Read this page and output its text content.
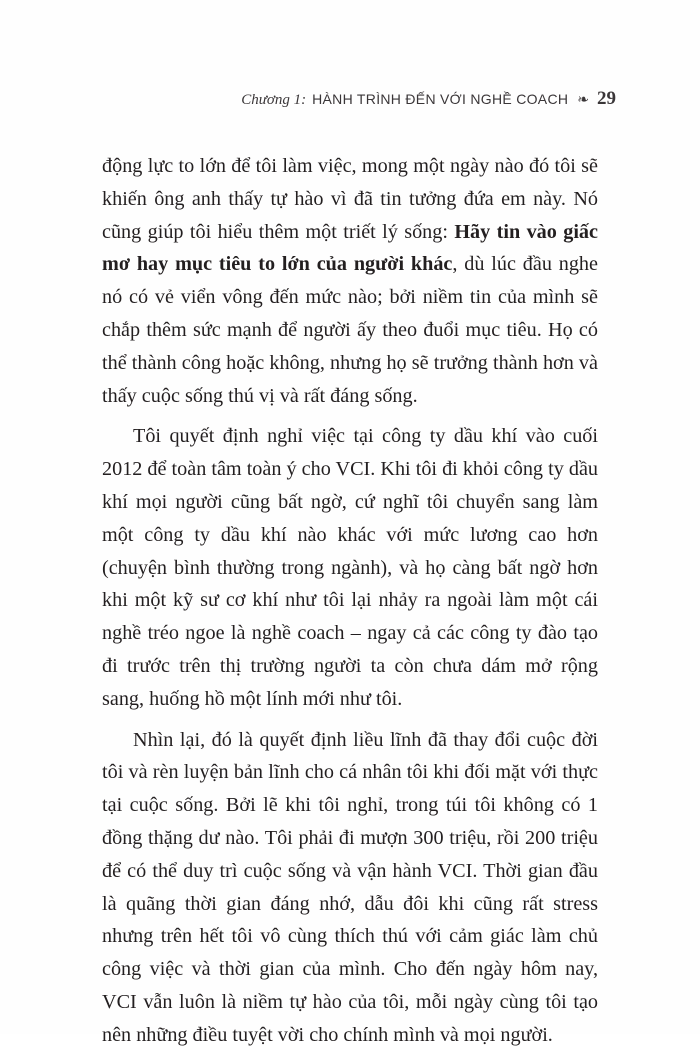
Chương 1: HÀNH TRÌNH ĐẾN VỚI NGHỀ COACH ❧ 29

động lực to lớn để tôi làm việc, mong một ngày nào đó tôi sẽ khiến ông anh thấy tự hào vì đã tin tưởng đứa em này. Nó cũng giúp tôi hiểu thêm một triết lý sống: Hãy tin vào giấc mơ hay mục tiêu to lớn của người khác, dù lúc đầu nghe nó có vẻ viển vông đến mức nào; bởi niềm tin của mình sẽ chắp thêm sức mạnh để người ấy theo đuổi mục tiêu. Họ có thể thành công hoặc không, nhưng họ sẽ trưởng thành hơn và thấy cuộc sống thú vị và rất đáng sống.

Tôi quyết định nghỉ việc tại công ty dầu khí vào cuối 2012 để toàn tâm toàn ý cho VCI. Khi tôi đi khỏi công ty dầu khí mọi người cũng bất ngờ, cứ nghĩ tôi chuyển sang làm một công ty dầu khí nào khác với mức lương cao hơn (chuyện bình thường trong ngành), và họ càng bất ngờ hơn khi một kỹ sư cơ khí như tôi lại nhảy ra ngoài làm một cái nghề tréo ngoe là nghề coach – ngay cả các công ty đào tạo đi trước trên thị trường người ta còn chưa dám mở rộng sang, huống hồ một lính mới như tôi.

Nhìn lại, đó là quyết định liều lĩnh đã thay đổi cuộc đời tôi và rèn luyện bản lĩnh cho cá nhân tôi khi đối mặt với thực tại cuộc sống. Bởi lẽ khi tôi nghỉ, trong túi tôi không có 1 đồng thặng dư nào. Tôi phải đi mượn 300 triệu, rồi 200 triệu để có thể duy trì cuộc sống và vận hành VCI. Thời gian đầu là quãng thời gian đáng nhớ, dẫu đôi khi cũng rất stress nhưng trên hết tôi vô cùng thích thú với cảm giác làm chủ công việc và thời gian của mình. Cho đến ngày hôm nay, VCI vẫn luôn là niềm tự hào của tôi, mỗi ngày cùng tôi tạo nên những điều tuyệt vời cho chính mình và mọi người.
